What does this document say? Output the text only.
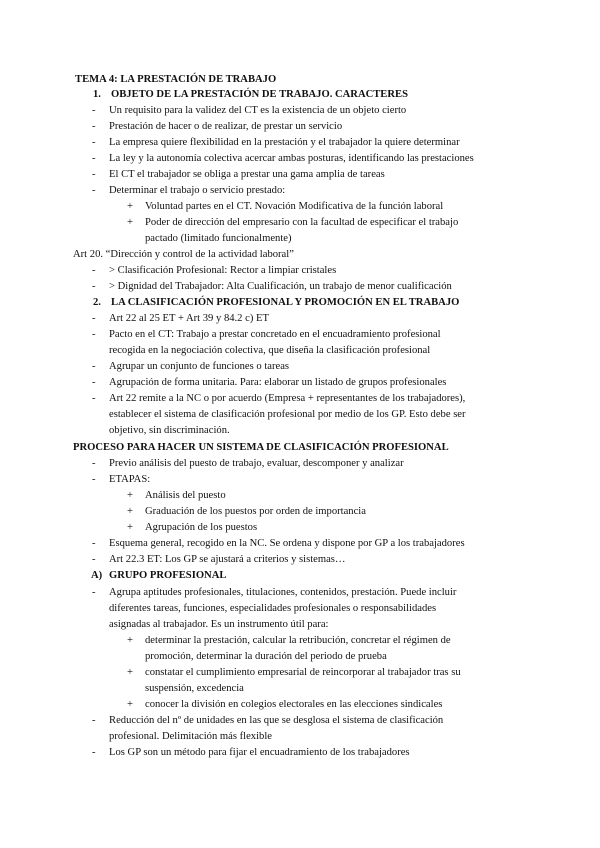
TEMA 4: LA PRESTACIÓN DE TRABAJO
1. OBJETO DE LA PRESTACIÓN DE TRABAJO. CARACTERES
- Un requisito para la validez del CT es la existencia de un objeto cierto
- Prestación de hacer o de realizar, de prestar un servicio
- La empresa quiere flexibilidad en la prestación y el trabajador la quiere determinar
- La ley y la autonomía colectiva acercar ambas posturas, identificando las prestaciones
- El CT el trabajador se obliga a prestar una gama amplia de tareas
- Determinar el trabajo o servicio prestado:
+ Voluntad partes en el CT. Novación Modificativa de la función laboral
+ Poder de dirección del empresario con la facultad de especificar el trabajo
pactado (limitado funcionalmente)
Art 20. “Dirección y control de la actividad laboral”
- > Clasificación Profesional: Rector a limpiar cristales
- > Dignidad del Trabajador: Alta Cualificación, un trabajo de menor cualificación
2. LA CLASIFICACIÓN PROFESIONAL Y PROMOCIÓN EN EL TRABAJO
- Art 22 al 25 ET + Art 39 y 84.2 c) ET
- Pacto en el CT: Trabajo a prestar concretado en el encuadramiento profesional
recogida en la negociación colectiva, que diseña la clasificación profesional
- Agrupar un conjunto de funciones o tareas
- Agrupación de forma unitaria. Para: elaborar un listado de grupos profesionales
- Art 22 remite a la NC o por acuerdo (Empresa + representantes de los trabajadores),
establecer el sistema de clasificación profesional por medio de los GP. Esto debe ser
objetivo, sin discriminación.
PROCESO PARA HACER UN SISTEMA DE CLASIFICACIÓN PROFESIONAL
- Previo análisis del puesto de trabajo, evaluar, descomponer y analizar
- ETAPAS:
+ Análisis del puesto
+ Graduación de los puestos por orden de importancia
+ Agrupación de los puestos
- Esquema general, recogido en la NC. Se ordena y dispone por GP a los trabajadores
- Art 22.3 ET: Los GP se ajustará a criterios y sistemas…
A) GRUPO PROFESIONAL
- Agrupa aptitudes profesionales, titulaciones, contenidos, prestación. Puede incluir
diferentes tareas, funciones, especialidades profesionales o responsabilidades
asignadas al trabajador. Es un instrumento útil para:
+ determinar la prestación, calcular la retribución, concretar el régimen de
promoción, determinar la duración del periodo de prueba
+ constatar el cumplimiento empresarial de reincorporar al trabajador tras su
suspensión, excedencia
+ conocer la división en colegios electorales en las elecciones sindicales
- Reducción del nº de unidades en las que se desglosa el sistema de clasificación
profesional. Delimitación más flexible
- Los GP son un método para fijar el encuadramiento de los trabajadores
